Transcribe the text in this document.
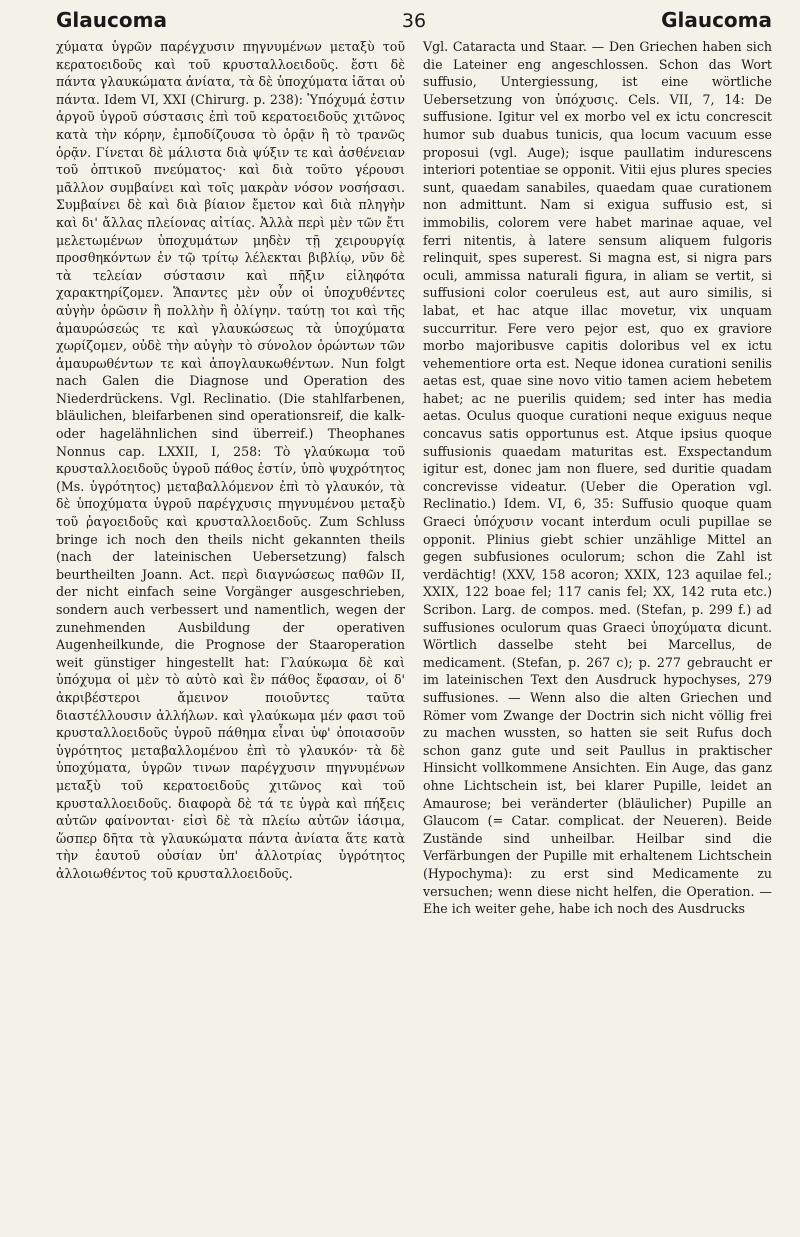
Glaucoma	36	Glaucoma

χύματα ὑγρῶν παρέγχυσιν πηγνυμένων μεταξὺ τοῦ κερατοειδοῦς καὶ τοῦ κρυσταλλοειδοῦς. ἔστι δὲ πάντα γλαυκώματα ἀνίατα, τὰ δὲ ὑποχύματα ἰᾶται οὐ πάντα. Idem VI, XXI (Chirurg. p. 238): Ὑπόχυμά ἐστιν ἀργοῦ ὑγροῦ σύστασις ἐπὶ τοῦ κερατοειδοῦς χιτῶνος κατὰ τὴν κόρην, ἐμποδίζουσα τὸ ὁρᾷν ἢ τὸ τρανῶς ὁρᾷν. Γίνεται δὲ μάλιστα διὰ ψύξιν τε καὶ ἀσθένειαν τοῦ ὀπτικοῦ πνεύματος· καὶ διὰ τοῦτο γέρουσι μᾶλλον συμβαίνει καὶ τοῖς μακρὰν νόσον νοσήσασι. Συμβαίνει δὲ καὶ διὰ βίαιον ἔμετον καὶ διὰ πληγὴν καὶ δι' ἄλλας πλείονας αἰτίας. Ἀλλὰ περὶ μὲν τῶν ἔτι μελετωμένων ὑποχυμάτων μηδὲν τῇ χειρουργίᾳ προσθηκόντων ἐν τῷ τρίτῳ λέλεκται βιβλίῳ, νῦν δὲ τὰ τελείαν σύστασιν καὶ πῆξιν εἰληφότα χαρακτηρίζομεν. Ἅπαντες μὲν οὖν οἱ ὑποχυθέντες αὐγὴν ὁρῶσιν ἢ πολλὴν ἢ ὀλίγην. ταύτῃ τοι καὶ τῆς ἀμαυρώσεώς τε καὶ γλαυκώσεως τὰ ὑποχύματα χωρίζομεν, οὐδὲ τὴν αὐγὴν τὸ σύνολον ὁρώντων τῶν ἀμαυρωθέντων τε καὶ ἀπογλαυκωθέντων. Nun folgt nach Galen die Diagnose und Operation des Niederdrückens. Vgl. Reclinatio. (Die stahlfarbenen, bläulichen, bleifarbenen sind operationsreif, die kalk- oder hagelähnlichen sind überreif.) Theophanes Nonnus cap. LXXII, I, 258: Τὸ γλαύκωμα τοῦ κρυσταλλοειδοῦς ὑγροῦ πάθος ἐστίν, ὑπὸ ψυχρότητος (Ms. ὑγρότητος) μεταβαλλόμενον ἐπὶ τὸ γλαυκόν, τὰ δὲ ὑποχύματα ὑγροῦ παρέγχυσις πηγνυμένου μεταξὺ τοῦ ῥαγοειδοῦς καὶ κρυσταλλοειδοῦς. Zum Schluss bringe ich noch den theils nicht gekannten theils (nach der lateinischen Uebersetzung) falsch beurtheilten Joann. Act. περὶ διαγνώσεως παθῶν II, der nicht einfach seine Vorgänger ausgeschrieben, sondern auch verbessert und namentlich, wegen der zunehmenden Ausbildung der operativen Augenheilkunde, die Prognose der Staaroperation weit günstiger hingestellt hat: Γλαύκωμα δὲ καὶ ὑπόχυμα οἱ μὲν τὸ αὐτὸ καὶ ἓν πάθος ἔφασαν, οἱ δ' ἀκριβέστεροι ἄμεινον ποιοῦντες ταῦτα διαστέλλουσιν ἀλλήλων. καὶ γλαύκωμα μέν φασι τοῦ κρυσταλλοειδοῦς ὑγροῦ πάθημα εἶναι ὑφ' ὁποιασοῦν ὑγρότητος μεταβαλλομένου ἐπὶ τὸ γλαυκόν· τὰ δὲ ὑποχύματα, ὑγρῶν τινων παρέγχυσιν πηγνυμένων μεταξὺ τοῦ κερατοειδοῦς χιτῶνος καὶ τοῦ κρυσταλλοειδοῦς. διαφορὰ δὲ τά τε ὑγρὰ καὶ πήξεις αὐτῶν φαίνονται· εἰσὶ δὲ τὰ πλείω αὐτῶν ἰάσιμα, ὥσπερ δῆτα τὰ γλαυκώματα πάντα ἀνίατα ἅτε κατὰ τὴν ἑαυτοῦ οὐσίαν ὑπ' ἀλλοτρίας ὑγρότητος ἀλλοιωθέντος τοῦ κρυσταλλοειδοῦς.

Vgl. Cataracta und Staar. — Den Griechen haben sich die Lateiner eng angeschlossen. Schon das Wort suffusio, Untergiessung, ist eine wörtliche Uebersetzung von ὑπόχυσις. Cels. VII, 7, 14: De suffusione. Igitur vel ex morbo vel ex ictu concrescit humor sub duabus tunicis, qua locum vacuum esse proposui (vgl. Auge); isque paullatim indurescens interiori potentiae se opponit. Vitii ejus plures species sunt, quaedam sanabiles, quaedam quae curationem non admittunt. Nam si exigua suffusio est, si immobilis, colorem vere habet marinae aquae, vel ferri nitentis, à latere sensum aliquem fulgoris relinquit, spes superest. Si magna est, si nigra pars oculi, ammissa naturali figura, in aliam se vertit, si suffusioni color coeruleus est, aut auro similis, si labat, et hac atque illac movetur, vix unquam succurritur. Fere vero pejor est, quo ex graviore morbo majoribusve capitis doloribus vel ex ictu vehementiore orta est. Neque idonea curationi senilis aetas est, quae sine novo vitio tamen aciem hebetem habet; ac ne puerilis quidem; sed inter has media aetas. Oculus quoque curationi neque exiguus neque concavus satis opportunus est. Atque ipsius quoque suffusionis quaedam maturitas est. Exspectandum igitur est, donec jam non fluere, sed duritie quadam concrevisse videatur. (Ueber die Operation vgl. Reclinatio.) Idem. VI, 6, 35: Suffusio quoque quam Graeci ὑπόχυσιν vocant interdum oculi pupillae se opponit. Plinius giebt schier unzählige Mittel an gegen subfusiones oculorum; schon die Zahl ist verdächtig! (XXV, 158 acoron; XXIX, 123 aquilae fel.; XXIX, 122 boae fel; 117 canis fel; XX, 142 ruta etc.) Scribon. Larg. de compos. med. (Stefan, p. 299 f.) ad suffusiones oculorum quas Graeci ὑποχύματα dicunt. Wörtlich dasselbe steht bei Marcellus, de medicament. (Stefan, p. 267 c); p. 277 gebraucht er im lateinischen Text den Ausdruck hypochyses, 279 suffusiones. — Wenn also die alten Griechen und Römer vom Zwange der Doctrin sich nicht völlig frei zu machen wussten, so hatten sie seit Rufus doch schon ganz gute und seit Paullus in praktischer Hinsicht vollkommene Ansichten. Ein Auge, das ganz ohne Lichtschein ist, bei klarer Pupille, leidet an Amaurose; bei veränderter (bläulicher) Pupille an Glaucom (= Catar. complicat. der Neueren). Beide Zustände sind unheilbar. Heilbar sind die Verfärbungen der Pupille mit erhaltenem Lichtschein (Hypochyma): zu erst sind Medicamente zu versuchen; wenn diese nicht helfen, die Operation. — Ehe ich weiter gehe, habe ich noch des Ausdrucks
